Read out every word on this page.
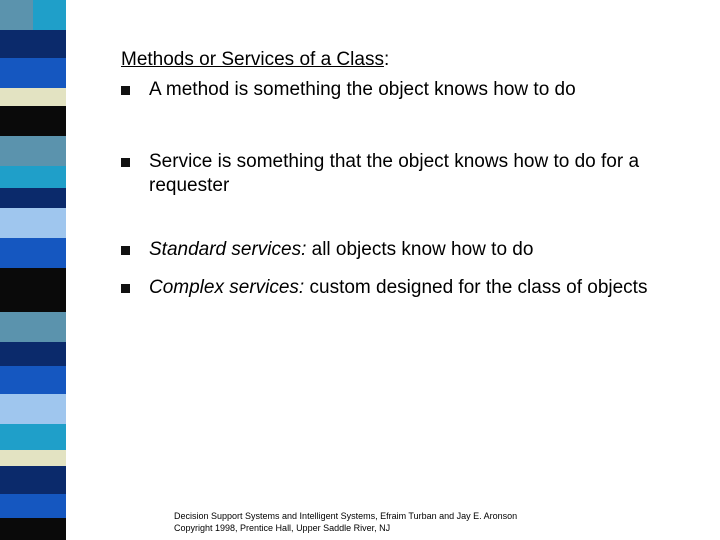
Methods or Services of a Class:
A method is something the object knows how to do
Service is something that the object knows how to do for a requester
Standard services: all objects know how to do
Complex services: custom designed for the class of objects
Decision Support Systems and Intelligent Systems, Efraim Turban and Jay E. Aronson
Copyright 1998, Prentice Hall, Upper Saddle River, NJ
